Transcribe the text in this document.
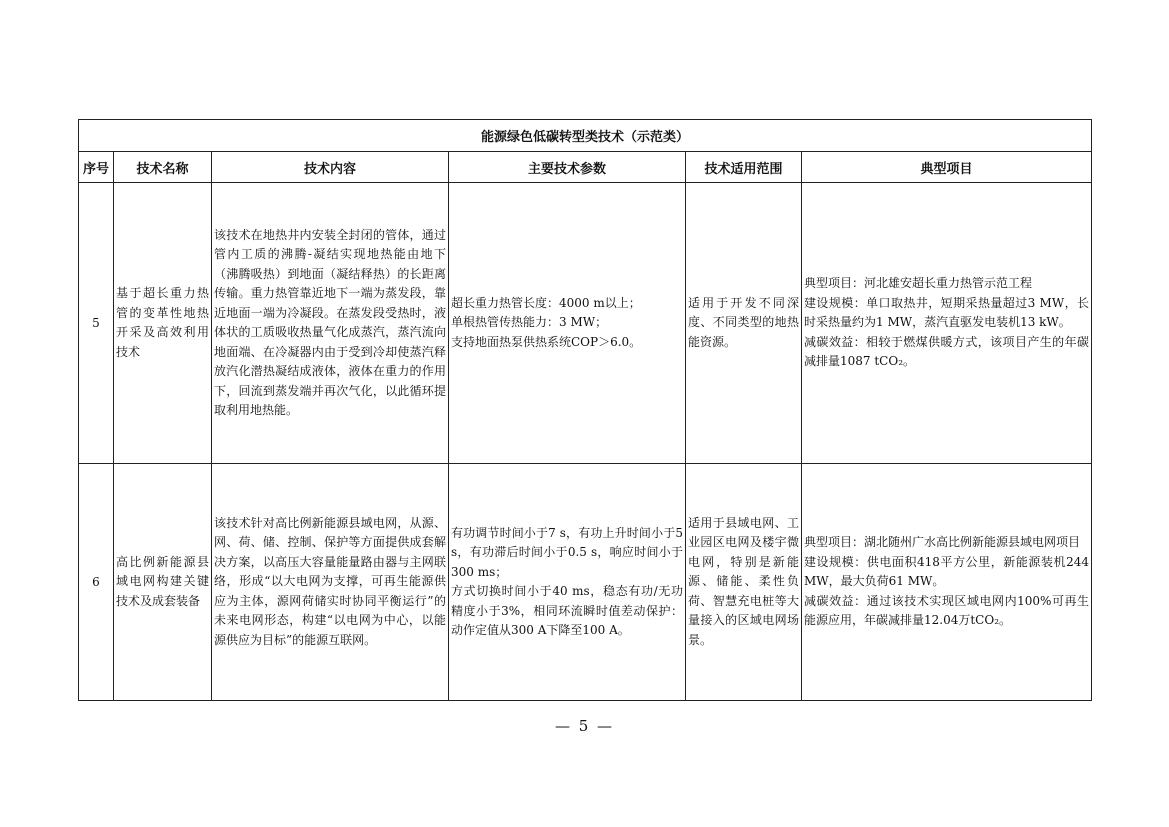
能源绿色低碳转型类技术（示范类）					
序号	技术名称	技术内容	主要技术参数	技术适用范围	典型项目
5	基于超长重力热管的变革性地热开采及高效利用技术	该技术在地热井内安装全封闭的管体，通过管内工质的沸腾-凝结实现地热能由地下（沸腾吸热）到地面（凝结释热）的长距离传输。重力热管靠近地下一端为蒸发段，靠近地面一端为冷凝段。在蒸发段受热时，液体状的工质吸收热量气化成蒸汽，蒸汽流向地面端、在冷凝器内由于受到冷却使蒸汽释放汽化潜热凝结成液体，液体在重力的作用下，回流到蒸发端并再次气化，以此循环提取利用地热能。	超长重力热管长度：4000 m以上；
单根热管传热能力：3 MW；
支持地面热泵供热系统COP＞6.0。	适用于开发不同深度、不同类型的地热能资源。	典型项目：河北雄安超长重力热管示范工程
建设规模：单口取热井，短期采热量超过3 MW，长时采热量约为1 MW，蒸汽直驱发电装机13 kW。
减碳效益：相较于燃煤供暖方式，该项目产生的年碳减排量1087 tCO₂。

6	高比例新能源县域电网构建关键技术及成套装备	该技术针对高比例新能源县域电网，从源、网、荷、储、控制、保护等方面提供成套解决方案，以高压大容量能量路由器与主网联络，形成“以大电网为支撑，可再生能源供应为主体，源网荷储实时协同平衡运行”的未来电网形态，构建“以电网为中心，以能源供应为目标”的能源互联网。	有功调节时间小于7 s，有功上升时间小于5 s，有功滞后时间小于0.5 s，响应时间小于300 ms；
方式切换时间小于40 ms，稳态有功/无功精度小于3%，相同环流瞬时值差动保护：动作定值从300 A下降至100 A。	适用于县域电网、工业园区电网及楼宇微电网，特别是新能源、储能、柔性负荷、智慧充电桩等大量接入的区域电网场景。	典型项目：湖北随州广水高比例新能源县域电网项目
建设规模：供电面积418平方公里，新能源装机244 MW，最大负荷61 MW。
减碳效益：通过该技术实现区域电网内100%可再生能源应用，年碳减排量12.04万tCO₂。
— 5 —
